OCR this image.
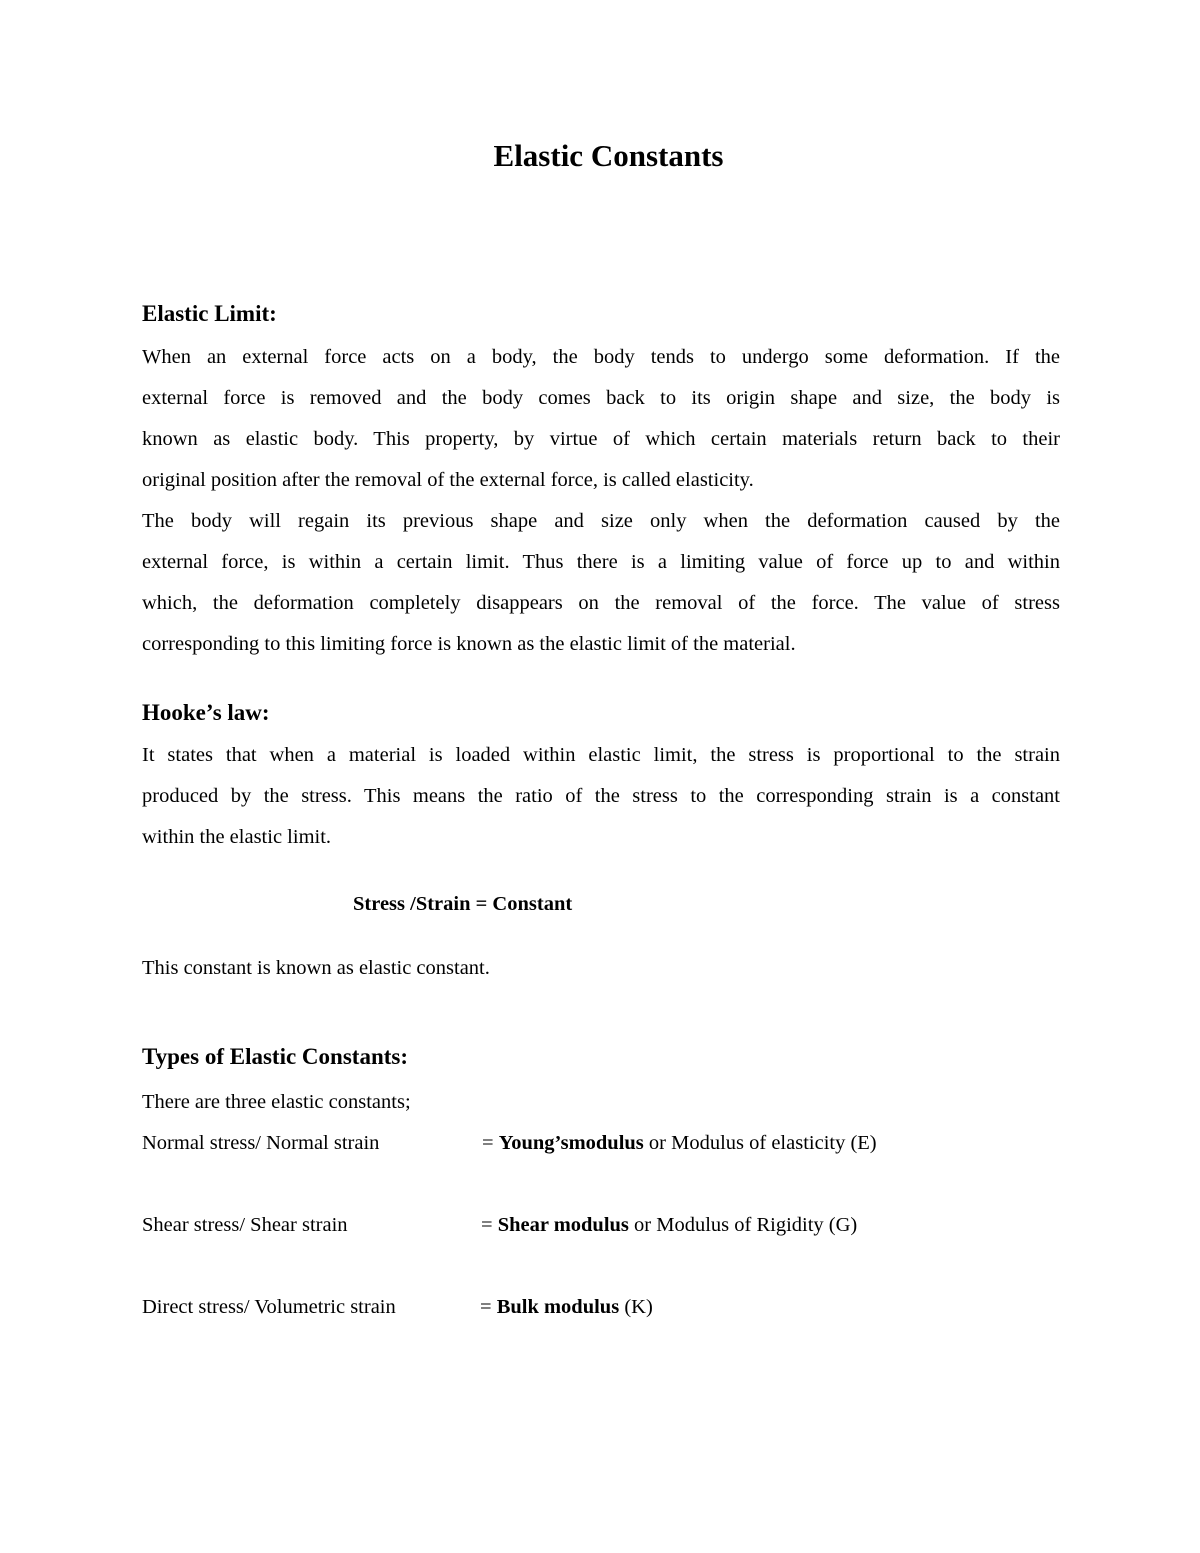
Elastic Constants
Elastic Limit:
When an external force acts on a body, the body tends to undergo some deformation. If the
external force is removed and the body comes back to its origin shape and size, the body is
known as elastic body. This property, by virtue of which certain materials return back to their
original position after the removal of the external force, is called elasticity.
The body will regain its previous shape and size only when the deformation caused by the
external force, is within a certain limit. Thus there is a limiting value of force up to and within
which, the deformation completely disappears on the removal of the force. The value of stress
corresponding to this limiting force is known as the elastic limit of the material.
Hooke’s law:
It states that when a material is loaded within elastic limit, the stress is proportional to the strain
produced by the stress. This means the ratio of the stress to the corresponding strain is a constant
within the elastic limit.

Stress /Strain = Constant

This constant is known as elastic constant.

Types of Elastic Constants:

There are three elastic constants;

Normal stress/ Normal strain	= Young’smodulus or Modulus of elasticity (E)
Shear stress/ Shear strain	= Shear modulus or Modulus of Rigidity (G)
Direct stress/ Volumetric strain	= Bulk modulus (K)
